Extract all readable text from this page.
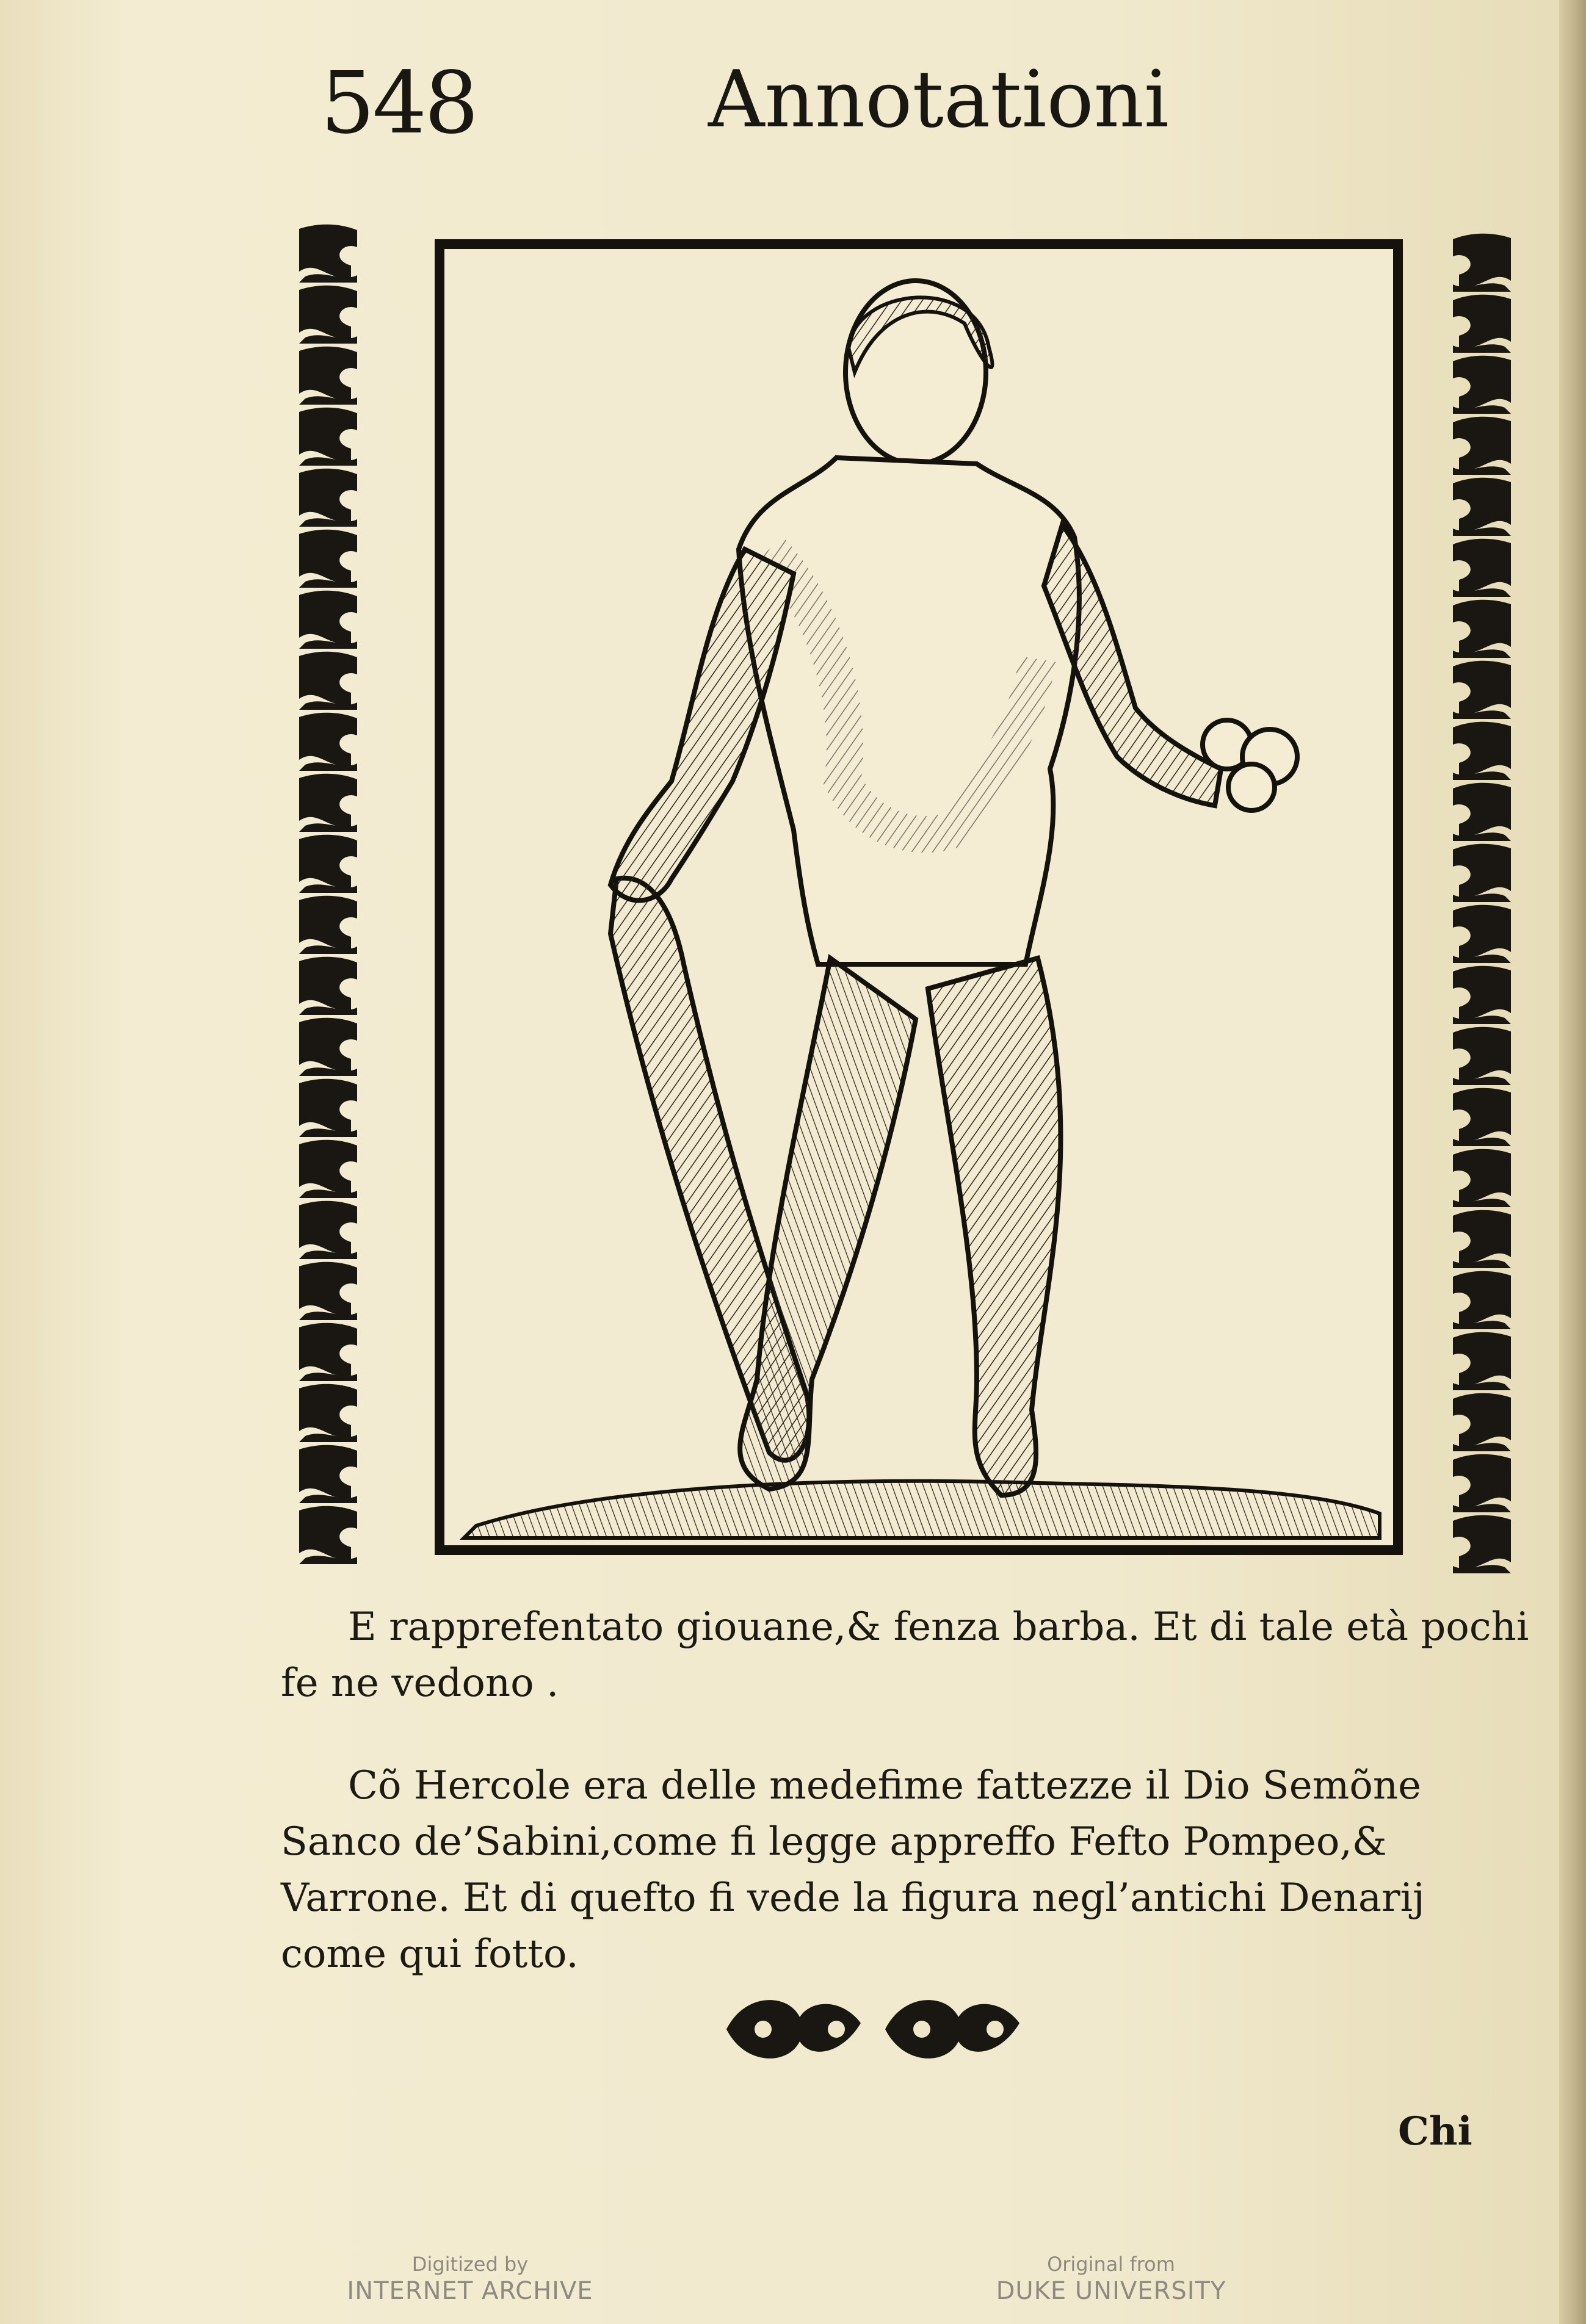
548	Annotationi
E rapprefentato giouane,& fenza barba. Et di tale età pochi fe ne vedono .
Cõ Hercole era delle medefime fattezze il Dio Semõne Sanco de’Sabini,come fi legge appreffo Fefto Pompeo,& Varrone. Et di quefto fi vede la figura negl’antichi Denarij come qui fotto.
Chi
Digitized by
INTERNET ARCHIVE
Original from
DUKE UNIVERSITY
